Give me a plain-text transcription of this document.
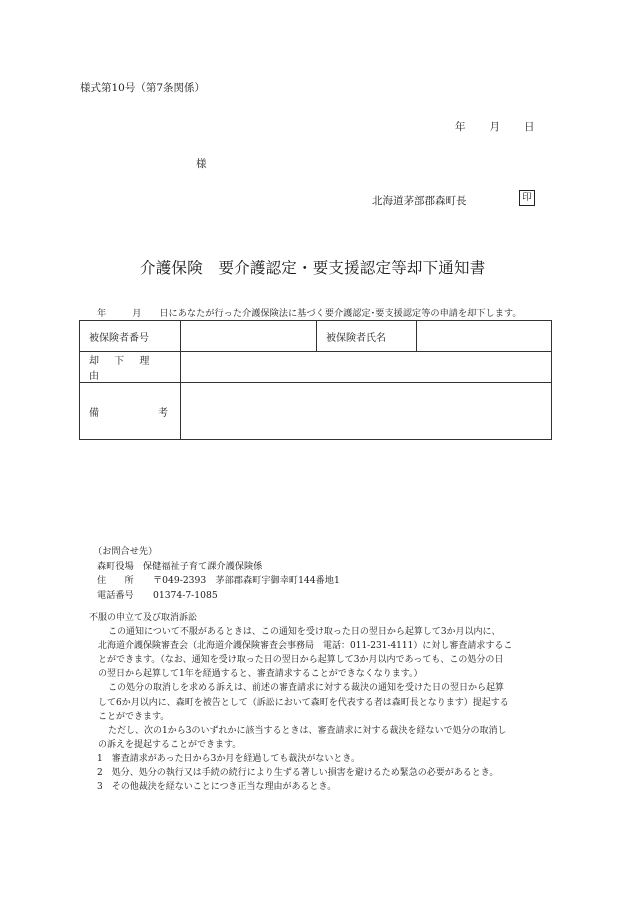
様式第10号（第7条関係）
年 月 日
様
北海道茅部郡森町長	印
介護保険　要介護認定・要支援認定等却下通知書
年	月 日にあなたが行った介護保険法に基づく要介護認定･要支援認定等の申請を却下します。
被保険者番号		被保険者氏名	
却 下 理 由			

備 考			

（お問合せ先）
森町役場　保健福祉子育て課介護保険係
住　　所	〒049-2393　茅部郡森町宇御幸町144番地1
電話番号	01374-7-1085

不服の申立て及び取消訴訟

この通知について不服があるときは、この通知を受け取った日の翌日から起算して3か月以内に、

北海道介護保険審査会（北海道介護保険審査会事務局　電話：011-231-4111）に対し審査請求するこ

とができます。（なお、通知を受け取った日の翌日から起算して3か月以内であっても、この処分の日

の翌日から起算して1年を経過すると、審査請求することができなくなります。）

この処分の取消しを求める訴えは、前述の審査請求に対する裁決の通知を受けた日の翌日から起算

して6か月以内に、森町を被告として（訴訟において森町を代表する者は森町長となります）提起する

ことができます。

ただし、次の1から3のいずれかに該当するときは、審査請求に対する裁決を経ないで処分の取消し

の訴えを提起することができます。

1　審査請求があった日から3か月を経過しても裁決がないとき。

2　処分、処分の執行又は手続の続行により生ずる著しい損害を避けるため緊急の必要があるとき。

3　その他裁決を経ないことにつき正当な理由があるとき。
